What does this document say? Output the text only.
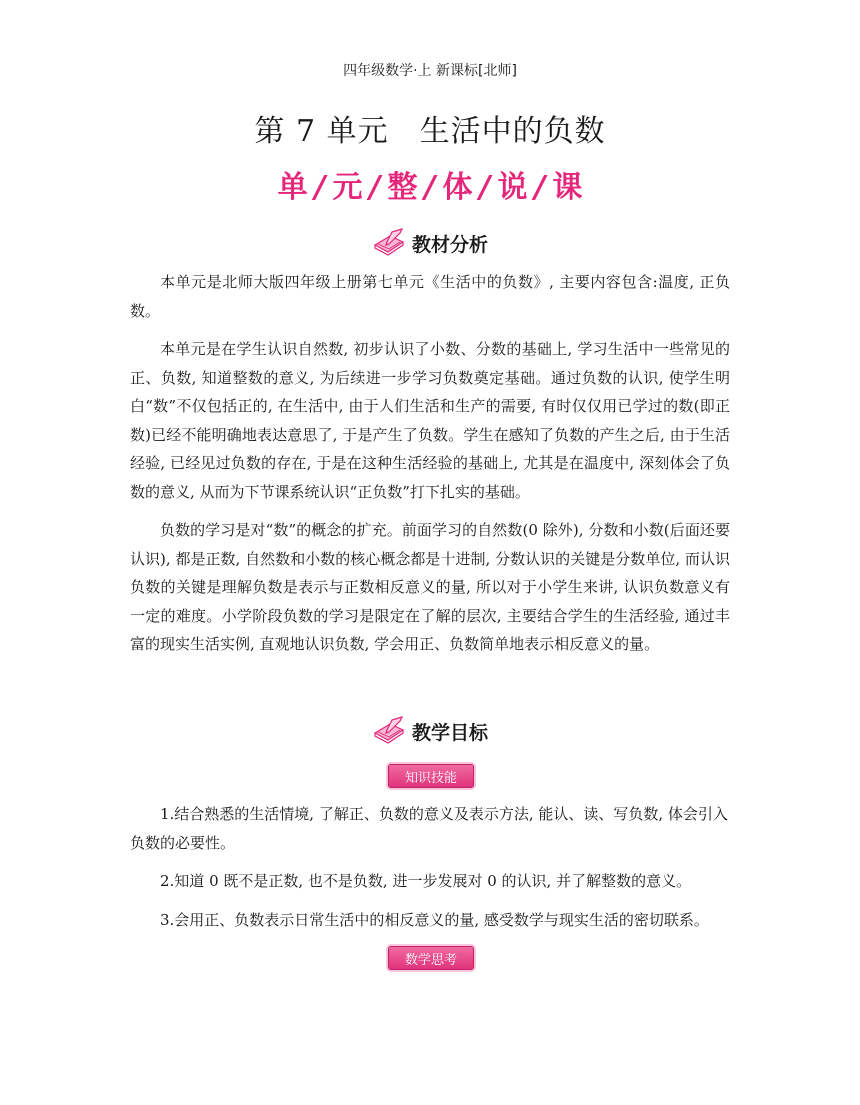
四年级数学·上 新课标[北师]
第 7 单元　生活中的负数
单 / 元 / 整 / 体 / 说 / 课
教材分析

本单元是北师大版四年级上册第七单元《生活中的负数》, 主要内容包含:温度, 正负数。

本单元是在学生认识自然数, 初步认识了小数、分数的基础上, 学习生活中一些常见的正、负数, 知道整数的意义, 为后续进一步学习负数奠定基础。通过负数的认识, 使学生明白“数”不仅包括正的, 在生活中, 由于人们生活和生产的需要, 有时仅仅用已学过的数(即正数)已经不能明确地表达意思了, 于是产生了负数。学生在感知了负数的产生之后, 由于生活经验, 已经见过负数的存在, 于是在这种生活经验的基础上, 尤其是在温度中, 深刻体会了负数的意义, 从而为下节课系统认识“正负数”打下扎实的基础。

负数的学习是对“数”的概念的扩充。前面学习的自然数(0 除外), 分数和小数(后面还要认识), 都是正数, 自然数和小数的核心概念都是十进制, 分数认识的关键是分数单位, 而认识负数的关键是理解负数是表示与正数相反意义的量, 所以对于小学生来讲, 认识负数意义有一定的难度。小学阶段负数的学习是限定在了解的层次, 主要结合学生的生活经验, 通过丰富的现实生活实例, 直观地认识负数, 学会用正、负数简单地表示相反意义的量。

教学目标
知识技能

1.结合熟悉的生活情境, 了解正、负数的意义及表示方法, 能认、读、写负数, 体会引入负数的必要性。

2.知道 0 既不是正数, 也不是负数, 进一步发展对 0 的认识, 并了解整数的意义。

3.会用正、负数表示日常生活中的相反意义的量, 感受数学与现实生活的密切联系。

数学思考
